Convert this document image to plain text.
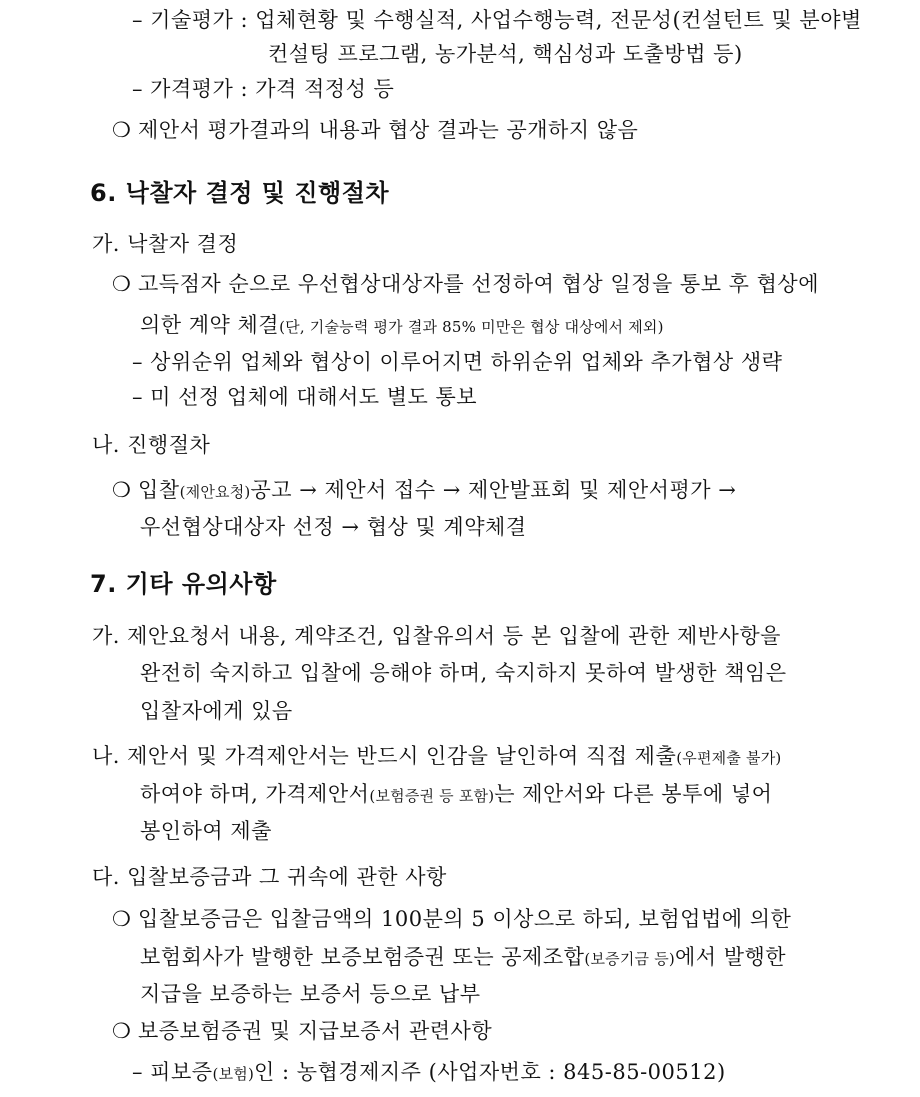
– 기술평가 : 업체현황 및 수행실적, 사업수행능력, 전문성(컨설턴트 및 분야별
컨설팅 프로그램, 농가분석, 핵심성과 도출방법 등)
– 가격평가 : 가격 적정성 등
❍ 제안서 평가결과의 내용과 협상 결과는 공개하지 않음
6. 낙찰자 결정 및 진행절차
가. 낙찰자 결정
❍ 고득점자 순으로 우선협상대상자를 선정하여 협상 일정을 통보 후 협상에
의한 계약 체결(단, 기술능력 평가 결과 85% 미만은 협상 대상에서 제외)
– 상위순위 업체와 협상이 이루어지면 하위순위 업체와 추가협상 생략
– 미 선정 업체에 대해서도 별도 통보
나. 진행절차
❍ 입찰(제안요청)공고 → 제안서 접수 → 제안발표회 및 제안서평가 →
우선협상대상자 선정 → 협상 및 계약체결
7. 기타 유의사항
가. 제안요청서 내용, 계약조건, 입찰유의서 등 본 입찰에 관한 제반사항을
완전히 숙지하고 입찰에 응해야 하며, 숙지하지 못하여 발생한 책임은
입찰자에게 있음
나. 제안서 및 가격제안서는 반드시 인감을 날인하여 직접 제출(우편제출 불가)
하여야 하며, 가격제안서(보험증권 등 포함)는 제안서와 다른 봉투에 넣어
봉인하여 제출
다. 입찰보증금과 그 귀속에 관한 사항
❍ 입찰보증금은 입찰금액의 100분의 5 이상으로 하되, 보험업법에 의한
보험회사가 발행한 보증보험증권 또는 공제조합(보증기금 등)에서 발행한
지급을 보증하는 보증서 등으로 납부
❍ 보증보험증권 및 지급보증서 관련사항
– 피보증(보험)인 : 농협경제지주 (사업자번호 : 845-85-00512)
